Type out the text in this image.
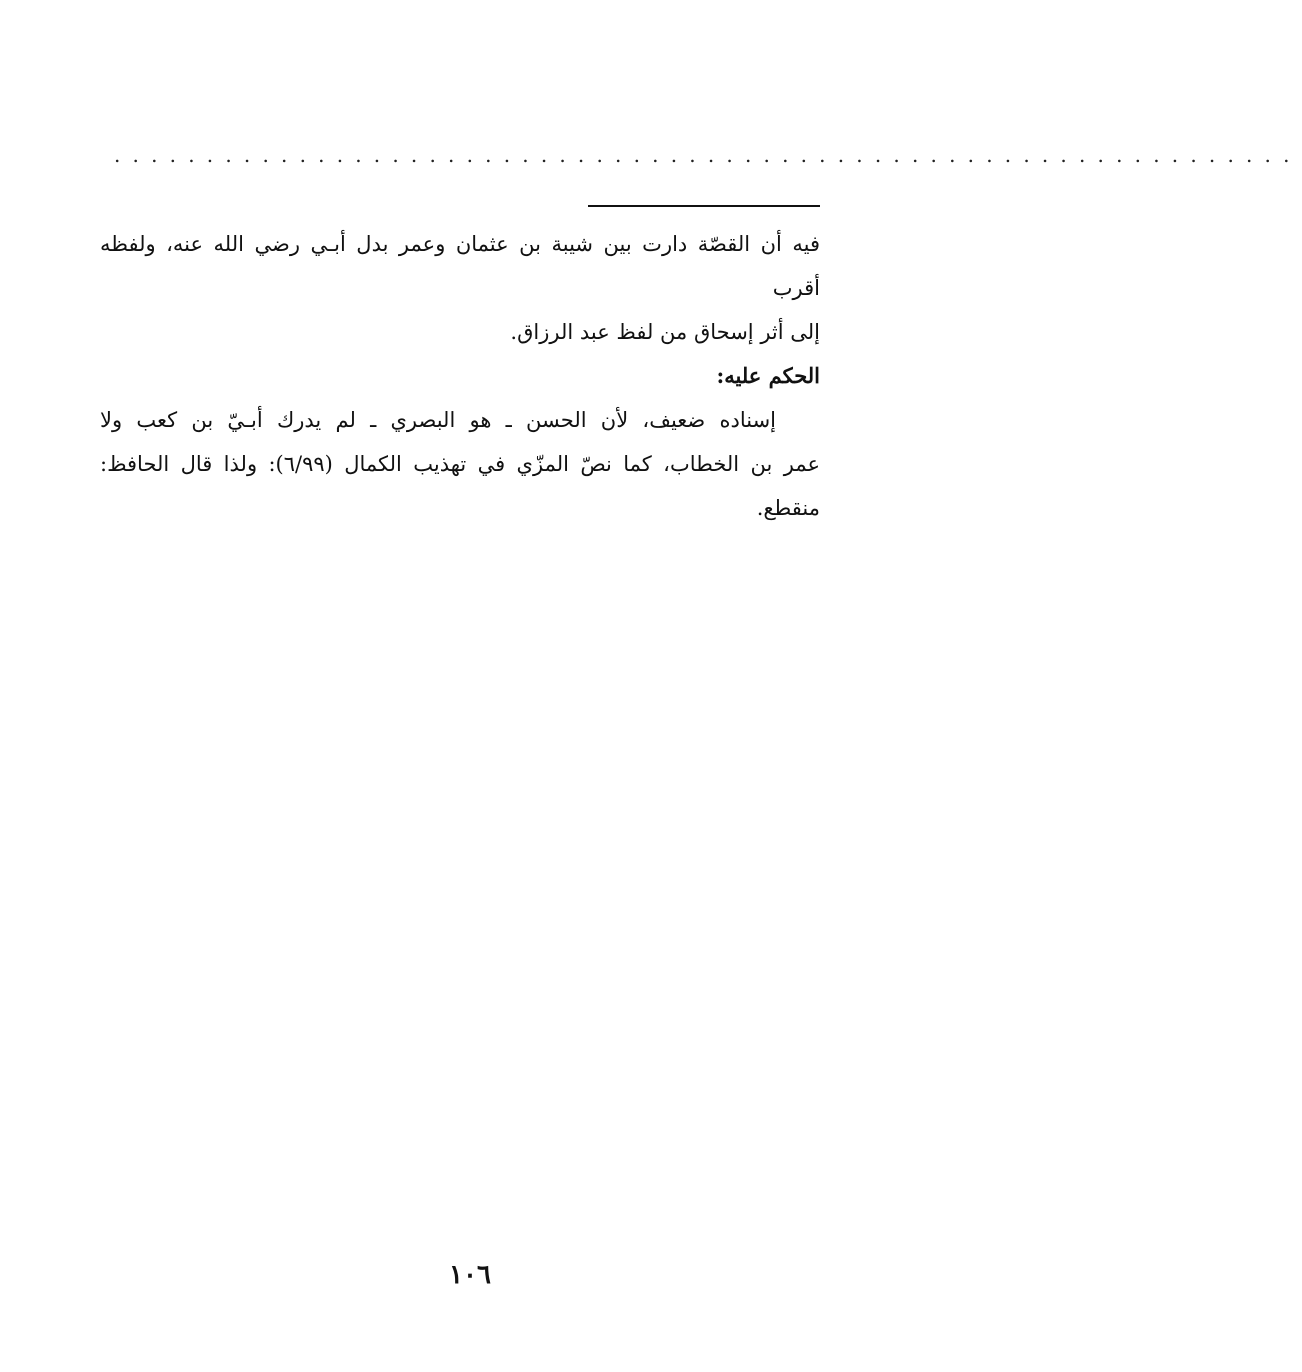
................................................................

فيه أن القصّة دارت بين شيبة بن عثمان وعمر بدل أبـي رضي الله عنه، ولفظه أقرب
إلى أثر إسحاق من لفظ عبد الرزاق.

الحكم عليه:

إسناده ضعيف، لأن الحسن ـ هو البصري ـ لم يدرك أبـيّ بن كعب ولا
عمر بن الخطاب، كما نصّ المزّي في تهذيب الكمال (٦/٩٩): ولذا قال الحافظ:
منقطع.

١٠٦
